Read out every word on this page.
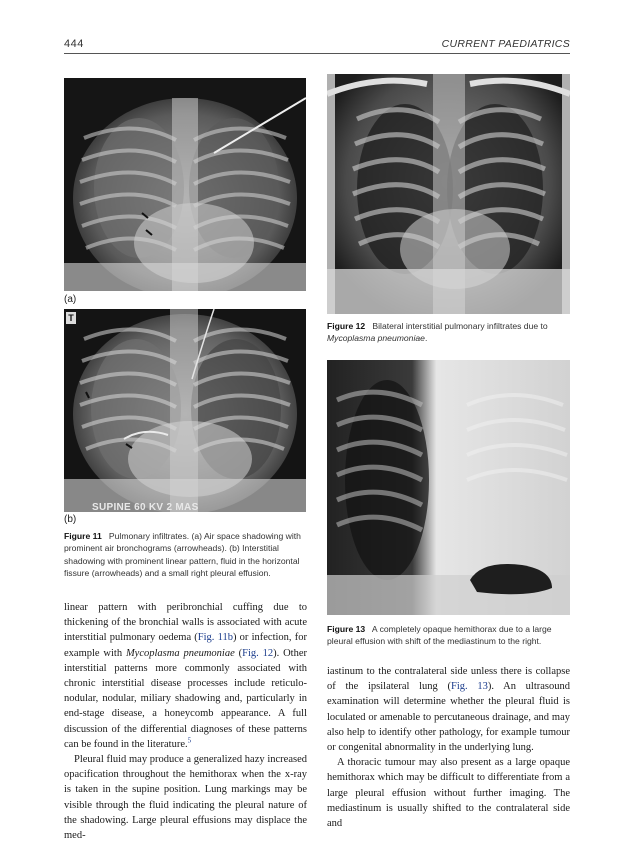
444	CURRENT PAEDIATRICS
(a)
T
SUPINE 60 KV 2 MAS
(b)
Figure 11 Pulmonary infiltrates. (a) Air space shadowing with prominent air bronchograms (arrowheads). (b) Interstitial shadowing with prominent linear pattern, fluid in the horizontal fissure (arrowheads) and a small right pleural effusion.
Figure 12 Bilateral interstitial pulmonary infiltrates due to Mycoplasma pneumoniae.
Figure 13 A completely opaque hemithorax due to a large pleural effusion with shift of the mediastinum to the right.

linear pattern with peribronchial cuffing due to thickening of the bronchial walls is associated with acute interstitial pulmonary oedema (Fig. 11b) or infection, for example with Mycoplasma pneumoniae (Fig. 12). Other interstitial patterns more commonly associated with chronic interstitial disease processes include reticulo-nodular, nodular, miliary shadowing and, particularly in end-stage disease, a honeycomb appearance. A full discussion of the differential diagnoses of these patterns can be found in the literature.$^5$

Pleural fluid may produce a generalized hazy increased opacification throughout the hemithorax when the x-ray is taken in the supine position. Lung markings may be visible through the fluid indicating the pleural nature of the shadowing. Large pleural effusions may displace the med-

iastinum to the contralateral side unless there is collapse of the ipsilateral lung (Fig. 13). An ultrasound examination will determine whether the pleural fluid is loculated or amenable to percutaneous drainage, and may also help to identify other pathology, for example tumour or congenital abnormality in the underlying lung.

A thoracic tumour may also present as a large opaque hemithorax which may be difficult to differentiate from a large pleural effusion without further imaging. The mediastinum is usually shifted to the contralateral side and
